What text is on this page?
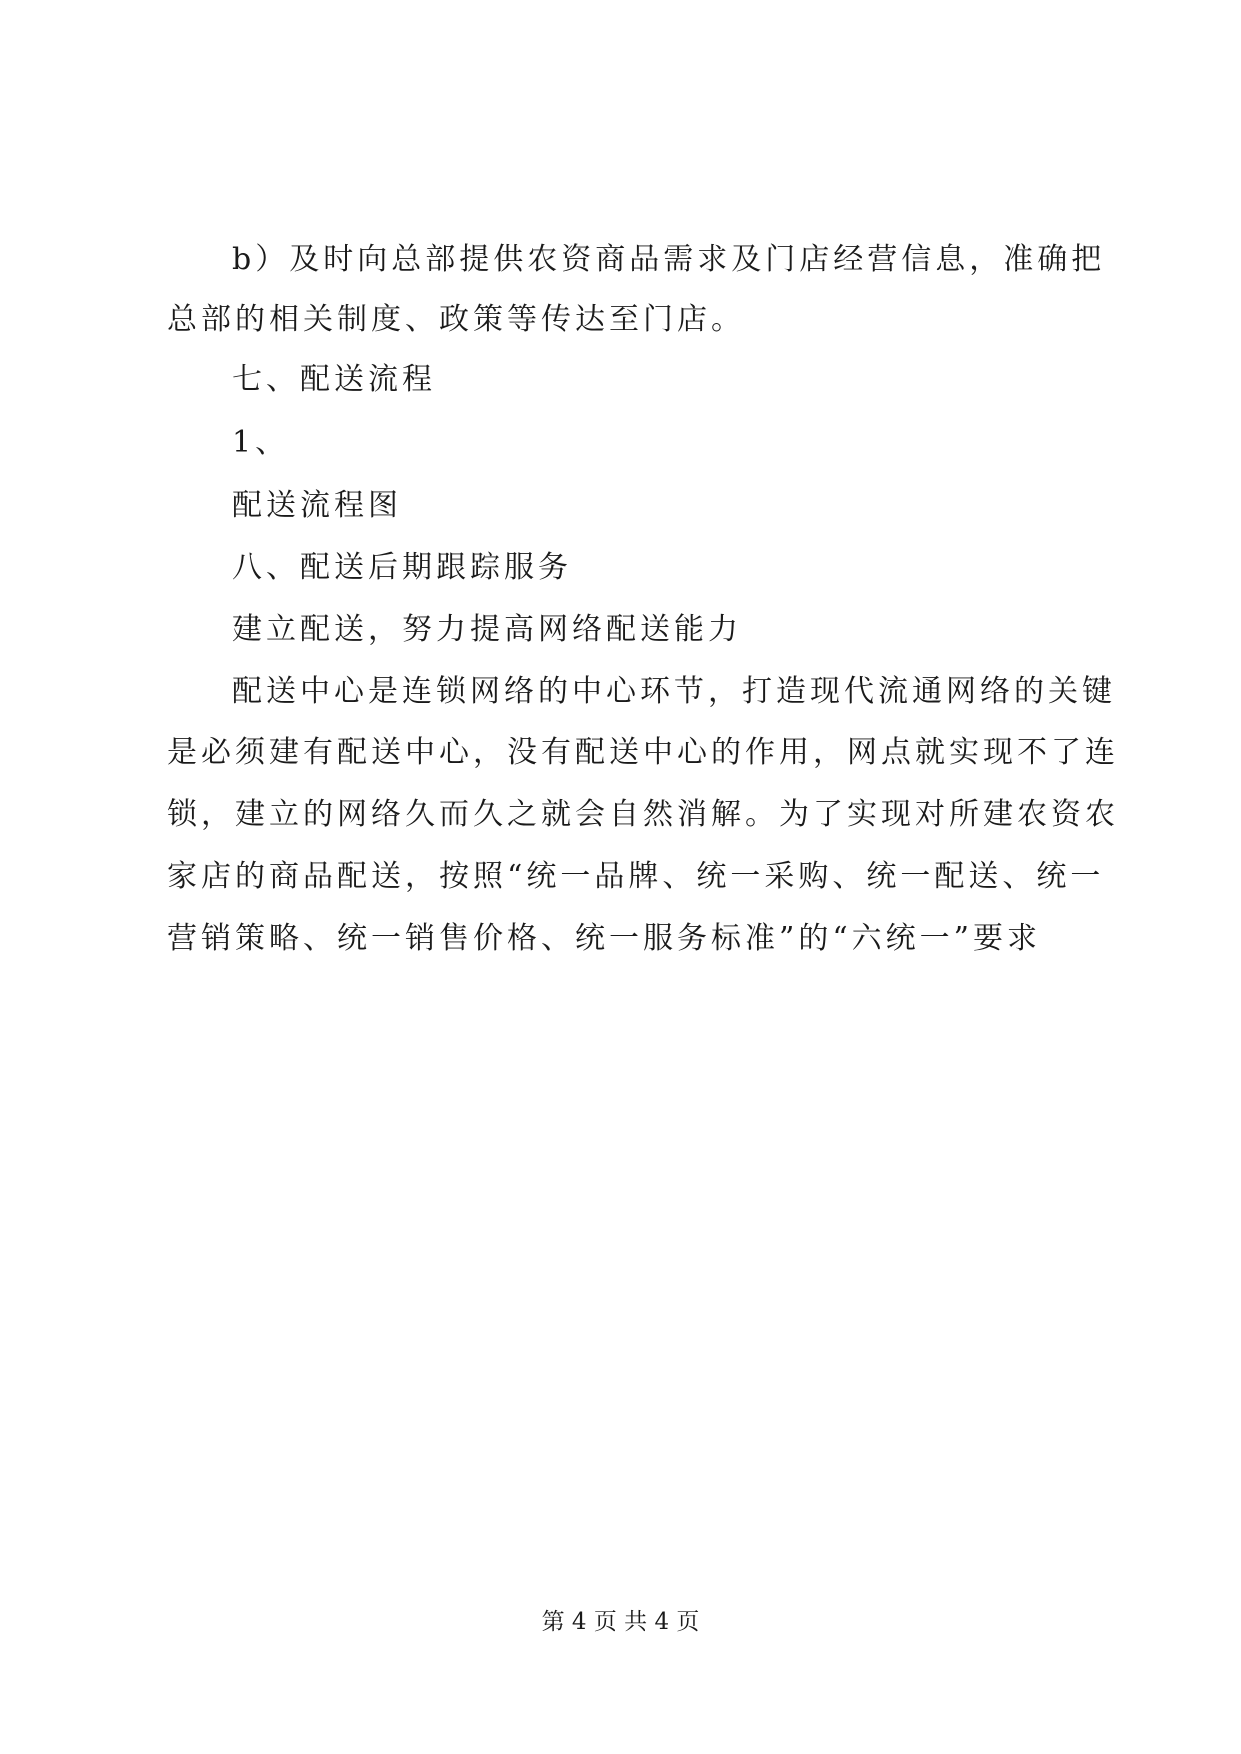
b）及时向总部提供农资商品需求及门店经营信息，准确把
总部的相关制度、政策等传达至门店。
七、配送流程
1、
配送流程图
八、配送后期跟踪服务
建立配送，努力提高网络配送能力
配送中心是连锁网络的中心环节，打造现代流通网络的关键
是必须建有配送中心，没有配送中心的作用，网点就实现不了连
锁，建立的网络久而久之就会自然消解。为了实现对所建农资农
家店的商品配送，按照“统一品牌、统一采购、统一配送、统一
营销策略、统一销售价格、统一服务标准”的“六统一”要求
第 4 页 共 4 页
